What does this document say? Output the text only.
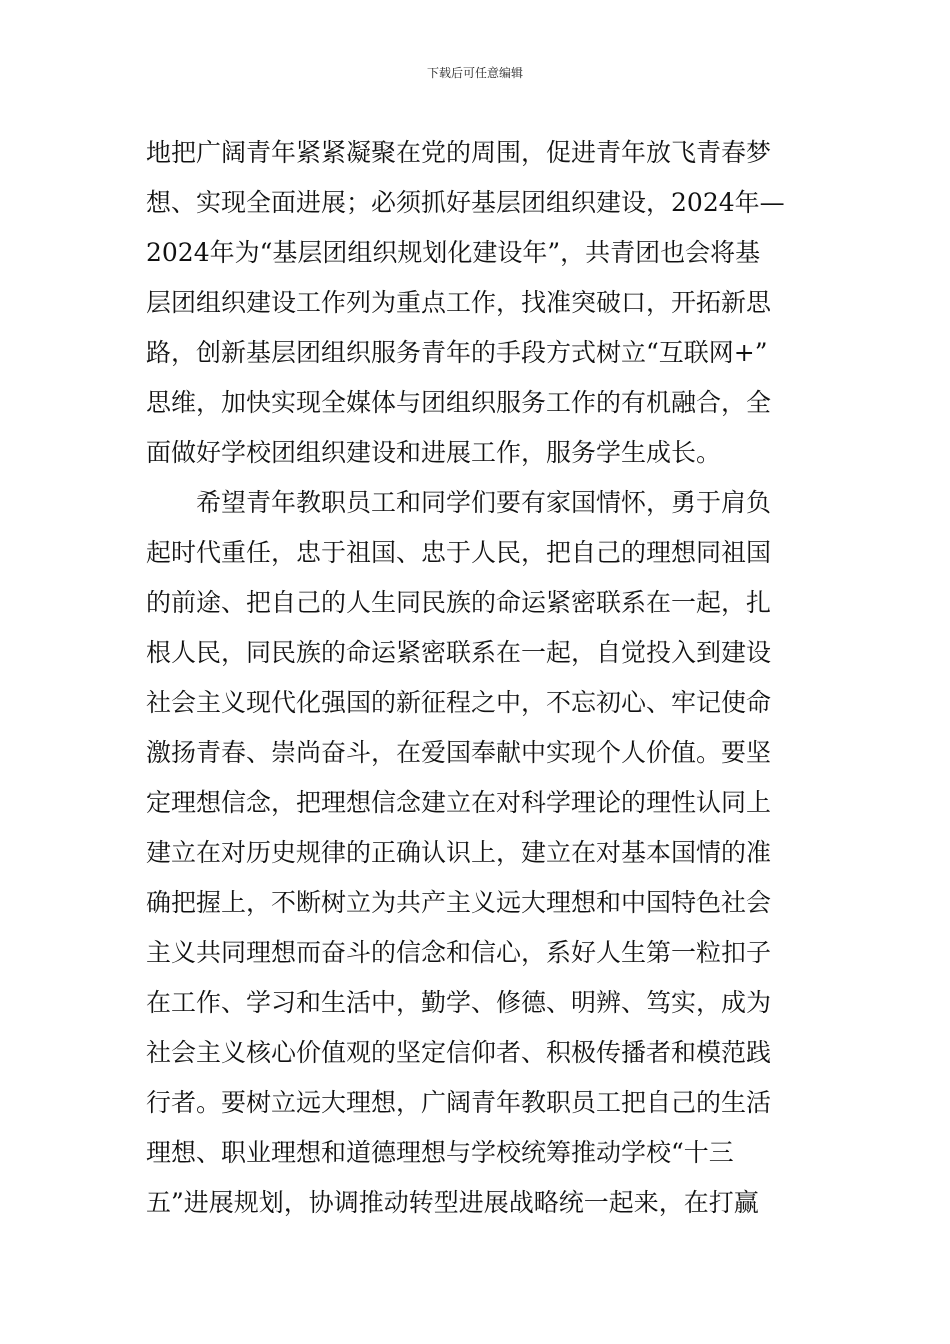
下载后可任意编辑
地把广阔青年紧紧凝聚在党的周围，促进青年放飞青春梦
想、实现全面进展；必须抓好基层团组织建设，2024年—
2024年为“基层团组织规划化建设年”，共青团也会将基
层团组织建设工作列为重点工作，找准突破口，开拓新思
路，创新基层团组织服务青年的手段方式树立“互联网+”
思维，加快实现全媒体与团组织服务工作的有机融合，全
面做好学校团组织建设和进展工作，服务学生成长。
希望青年教职员工和同学们要有家国情怀，勇于肩负
起时代重任，忠于祖国、忠于人民，把自己的理想同祖国
的前途、把自己的人生同民族的命运紧密联系在一起，扎
根人民，同民族的命运紧密联系在一起，自觉投入到建设
社会主义现代化强国的新征程之中，不忘初心、牢记使命
激扬青春、崇尚奋斗，在爱国奉献中实现个人价值。要坚
定理想信念，把理想信念建立在对科学理论的理性认同上
建立在对历史规律的正确认识上，建立在对基本国情的准
确把握上，不断树立为共产主义远大理想和中国特色社会
主义共同理想而奋斗的信念和信心，系好人生第一粒扣子
在工作、学习和生活中，勤学、修德、明辨、笃实，成为
社会主义核心价值观的坚定信仰者、积极传播者和模范践
行者。要树立远大理想，广阔青年教职员工把自己的生活
理想、职业理想和道德理想与学校统筹推动学校“十三
五”进展规划，协调推动转型进展战略统一起来，在打赢
